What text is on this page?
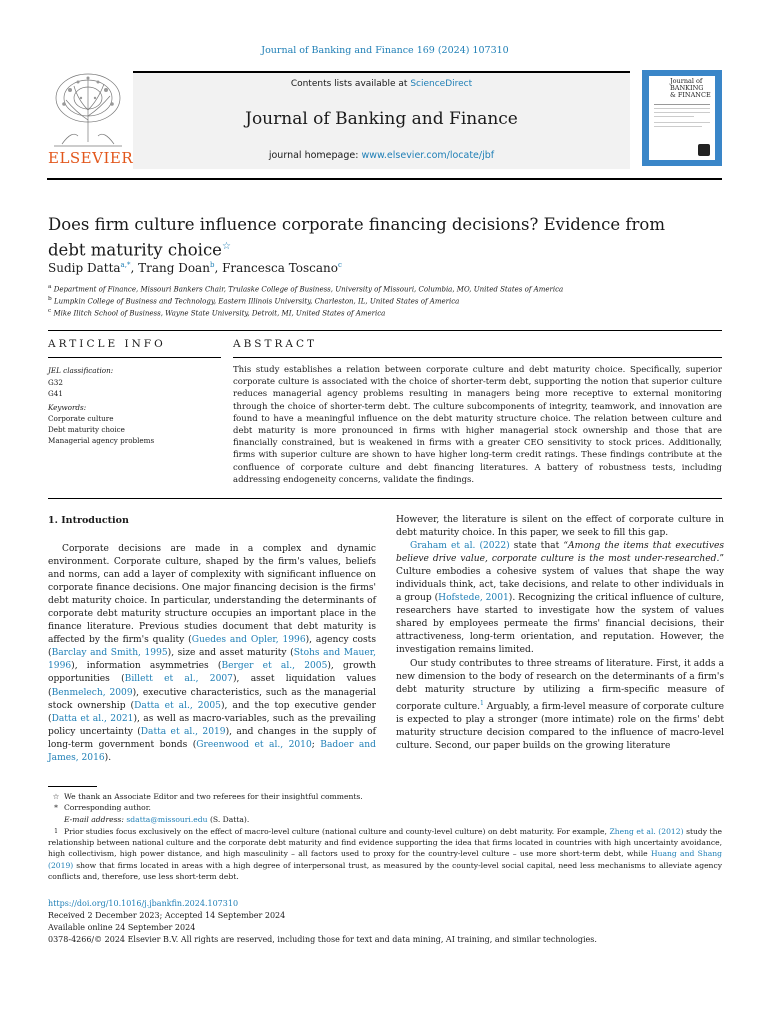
Journal of Banking and Finance 169 (2024) 107310
ELSEVIER
Contents lists available at ScienceDirect
Journal of Banking and Finance
journal homepage: www.elsevier.com/locate/jbf
Journal of
BANKING
& FINANCE
Does firm culture influence corporate financing decisions? Evidence from
debt maturity choice☆
Sudip Datta$^{a,*}$, Trang Doan$^b$, Francesca Toscano$^c$
$^a$ Department of Finance, Missouri Bankers Chair, Trulaske College of Business, University of Missouri, Columbia, MO, United States of America
$^b$ Lumpkin College of Business and Technology, Eastern Illinois University, Charleston, IL, United States of America
$^c$ Mike Ilitch School of Business, Wayne State University, Detroit, MI, United States of America
ARTICLE INFO	ABSTRACT
JEL classification:
G32
G41
Keywords:
Corporate culture
Debt maturity choice
Managerial agency problems
This study establishes a relation between corporate culture and debt maturity choice. Specifically, superior corporate culture is associated with the choice of shorter-term debt, supporting the notion that superior culture reduces managerial agency problems resulting in managers being more receptive to external monitoring through the choice of shorter-term debt. The culture subcomponents of integrity, teamwork, and innovation are found to have a meaningful influence on the debt maturity structure choice. The relation between culture and debt maturity is more pronounced in firms with higher managerial stock ownership and those that are financially constrained, but is weakened in firms with a greater CEO sensitivity to stock prices. Additionally, firms with superior culture are shown to have higher long-term credit ratings. These findings contribute at the confluence of corporate culture and debt financing literatures. A battery of robustness tests, including addressing endogeneity concerns, validate the findings.
1. Introduction

Corporate decisions are made in a complex and dynamic environment. Corporate culture, shaped by the firm's values, beliefs and norms, can add a layer of complexity with significant influence on corporate finance decisions. One major financing decision is the firms' debt maturity choice. In particular, understanding the determinants of corporate debt maturity structure occupies an important place in the finance literature. Previous studies document that debt maturity is affected by the firm's quality (Guedes and Opler, 1996), agency costs (Barclay and Smith, 1995), size and asset maturity (Stohs and Mauer, 1996), information asymmetries (Berger et al., 2005), growth opportunities (Billett et al., 2007), asset liquidation values (Benmelech, 2009), executive characteristics, such as the managerial stock ownership (Datta et al., 2005), and the top executive gender (Datta et al., 2021), as well as macro-variables, such as the prevailing policy uncertainty (Datta et al., 2019), and changes in the supply of long-term government bonds (Greenwood et al., 2010; Badoer and James, 2016).

However, the literature is silent on the effect of corporate culture in debt maturity choice. In this paper, we seek to fill this gap.

Graham et al. (2022) state that “Among the items that executives believe drive value, corporate culture is the most under-researched.” Culture embodies a cohesive system of values that shape the way individuals think, act, take decisions, and relate to other individuals in a group (Hofstede, 2001). Recognizing the critical influence of culture, researchers have started to investigate how the system of values shared by employees permeate the firms' financial decisions, their attractiveness, long-term orientation, and reputation. However, the investigation remains limited.

Our study contributes to three streams of literature. First, it adds a new dimension to the body of research on the determinants of a firm's debt maturity structure by utilizing a firm-specific measure of corporate culture.$^1$ Arguably, a firm-level measure of corporate culture is expected to play a stronger (more intimate) role on the firms' debt maturity structure decision compared to the influence of macro-level culture. Second, our paper builds on the growing literature

☆ We thank an Associate Editor and two referees for their insightful comments.
* Corresponding author.
E-mail address: sdatta@missouri.edu (S. Datta).
1 Prior studies focus exclusively on the effect of macro-level culture (national culture and county-level culture) on debt maturity. For example, Zheng et al. (2012) study the relationship between national culture and the corporate debt maturity and find evidence supporting the idea that firms located in countries with high uncertainty avoidance, high collectivism, high power distance, and high masculinity – all factors used to proxy for the country-level culture – use more short-term debt, while Huang and Shang (2019) show that firms located in areas with a high degree of interpersonal trust, as measured by the county-level social capital, need less mechanisms to alleviate agency conflicts and, therefore, use less short-term debt.
https://doi.org/10.1016/j.jbankfin.2024.107310
Received 2 December 2023; Accepted 14 September 2024
Available online 24 September 2024
0378-4266/© 2024 Elsevier B.V. All rights are reserved, including those for text and data mining, AI training, and similar technologies.
